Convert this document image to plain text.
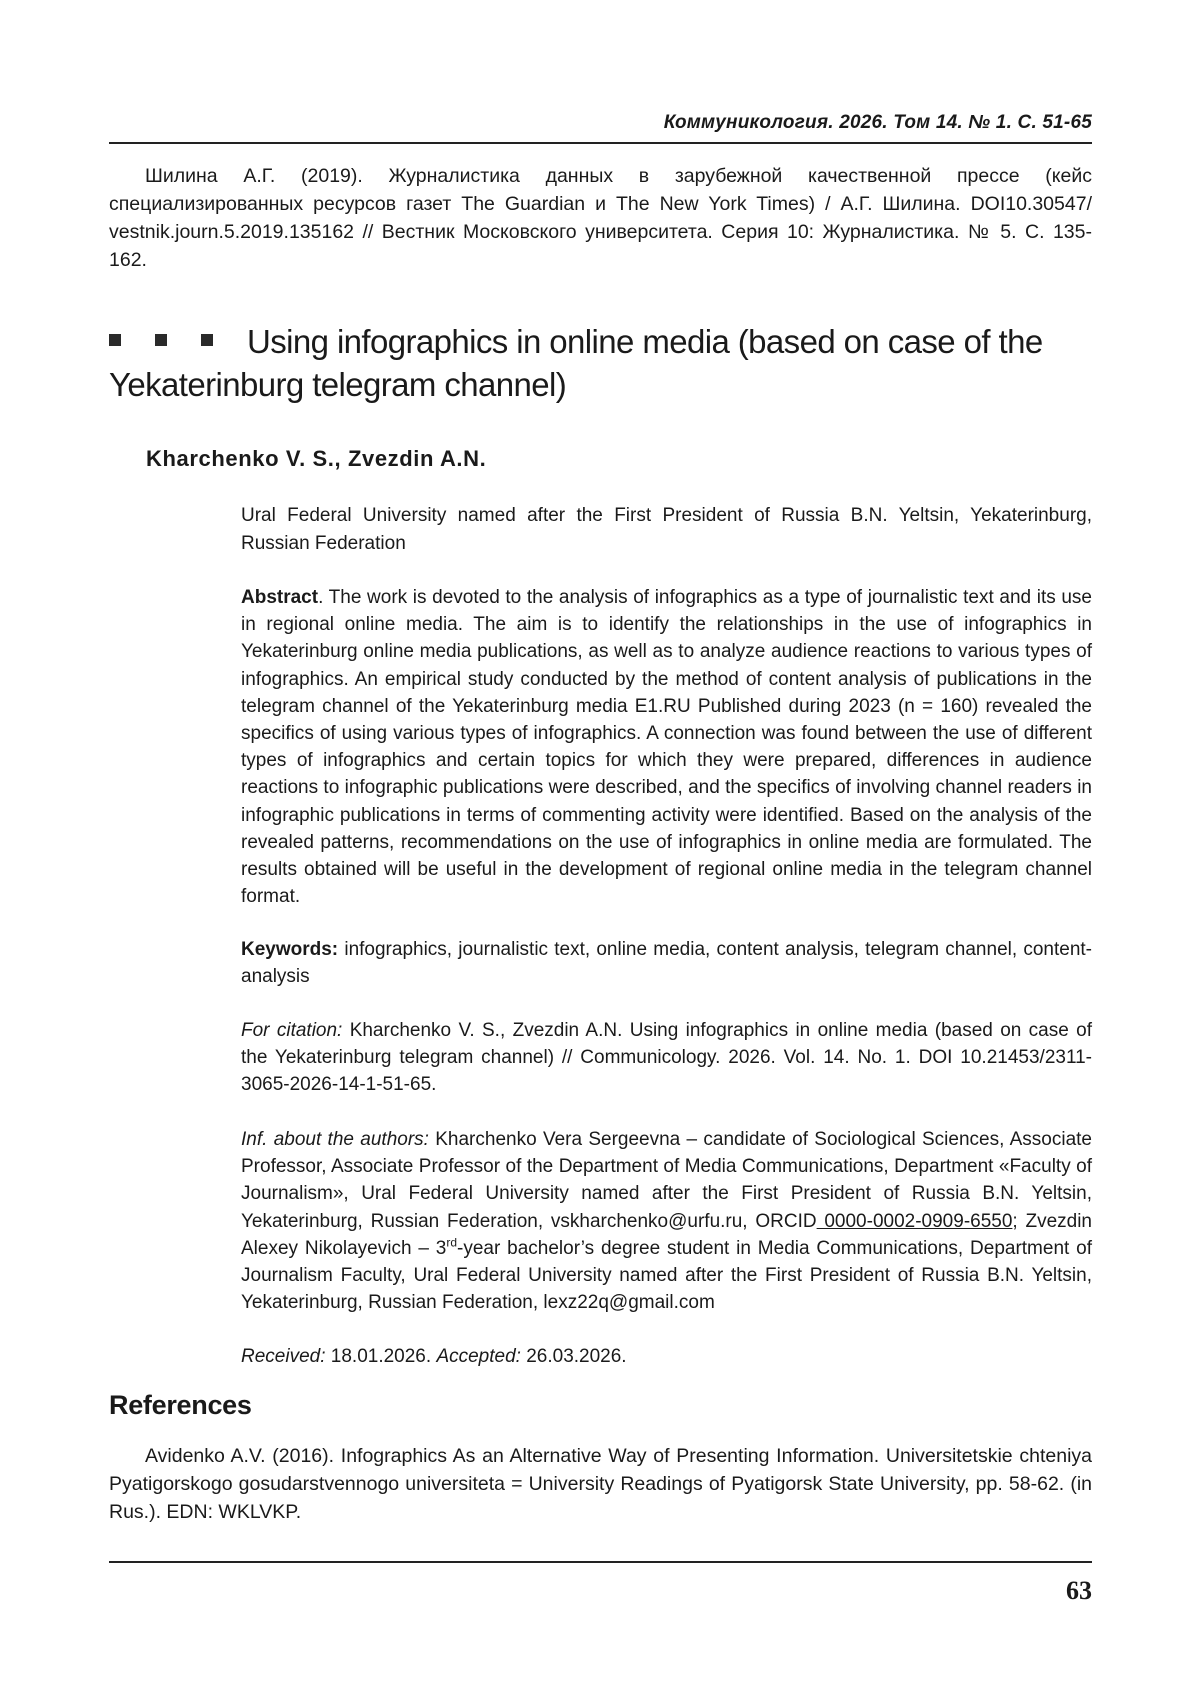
Коммуникология. 2026. Том 14. № 1. С. 51-65

Шилина А.Г. (2019). Журналистика данных в зарубежной качественной прессе (кейс специализированных ресурсов газет The Guardian и The New York Times) / А.Г. Шилина. DOI10.30547/ vestnik.journ.5.2019.135162 // Вестник Московского университета. Серия 10: Журналистика. № 5. С. 135-162.

Using infographics in online media (based on case of the Yekaterinburg telegram channel)
Kharchenko V. S., Zvezdin A.N.

Ural Federal University named after the First President of Russia B.N. Yeltsin, Yekaterinburg, Russian Federation

Abstract. The work is devoted to the analysis of infographics as a type of journalistic text and its use in regional online media. The aim is to identify the relationships in the use of infographics in Yekaterinburg online media publications, as well as to analyze audience reactions to various types of infographics. An empirical study conducted by the method of content analysis of publications in the telegram channel of the Yekaterinburg media E1.RU Published during 2023 (n = 160) revealed the specifics of using various types of infographics. A connection was found between the use of different types of infographics and certain topics for which they were prepared, differences in audience reactions to infographic publications were described, and the specifics of involving channel readers in infographic publications in terms of commenting activity were identified. Based on the analysis of the revealed patterns, recommendations on the use of infographics in online media are formulated. The results obtained will be useful in the development of regional online media in the telegram channel format.

Keywords: infographics, journalistic text, online media, content analysis, telegram channel, content-analysis

For citation: Kharchenko V. S., Zvezdin A.N. Using infographics in online media (based on case of the Yekaterinburg telegram channel) // Communicology. 2026. Vol. 14. No. 1. DOI 10.21453/2311-3065-2026-14-1-51-65.

Inf. about the authors: Kharchenko Vera Sergeevna – candidate of Sociological Sciences, Associate Professor, Associate Professor of the Department of Media Communications, Department «Faculty of Journalism», Ural Federal University named after the First President of Russia B.N. Yeltsin, Yekaterinburg, Russian Federation, vskharchenko@urfu.ru, ORCID 0000-0002-0909-6550; Zvezdin Alexey Nikolayevich – 3rd-year bachelor’s degree student in Media Communications, Department of Journalism Faculty, Ural Federal University named after the First President of Russia B.N. Yeltsin, Yekaterinburg, Russian Federation, lexz22q@gmail.com

Received: 18.01.2026. Accepted: 26.03.2026.

References

Avidenko A.V. (2016). Infographics As an Alternative Way of Presenting Information. Universitetskie chteniya Pyatigorskogo gosudarstvennogo universiteta = University Readings of Pyatigorsk State University, pp. 58-62. (in Rus.). EDN: WKLVKP.

63
